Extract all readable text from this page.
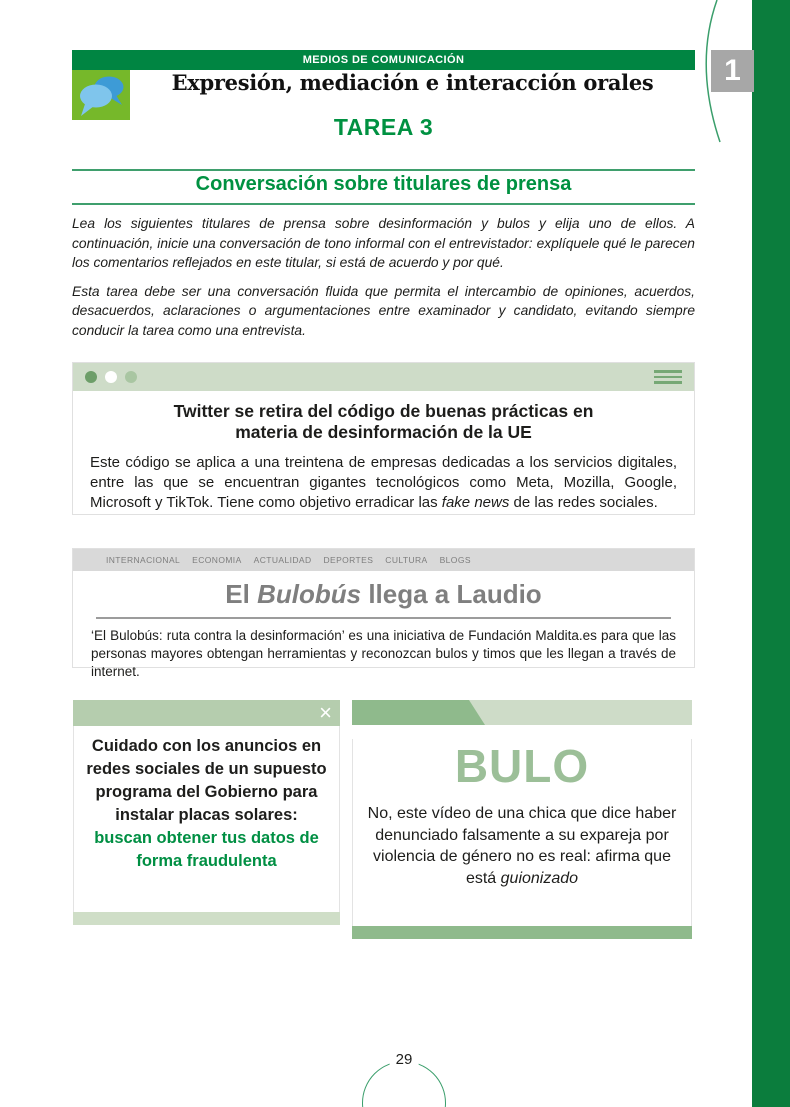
1
MEDIOS DE COMUNICACIÓN
Expresión, mediación e interacción orales
TAREA 3
Conversación sobre titulares de prensa

Lea los siguientes titulares de prensa sobre desinformación y bulos y elija uno de ellos. A continuación, inicie una conversación de tono informal con el entrevistador: explíquele qué le parecen los comentarios reflejados en este titular, si está de acuerdo y por qué.

Esta tarea debe ser una conversación fluida que permita el intercambio de opiniones, acuerdos, desacuerdos, aclaraciones o argumentaciones entre examinador y candidato, evitando siempre conducir la tarea como una entrevista.

Twitter se retira del código de buenas prácticas en materia de desinformación de la UE
Este código se aplica a una treintena de empresas dedicadas a los servicios digitales, entre las que se encuentran gigantes tecnológicos como Meta, Mozilla, Google, Microsoft y TikTok. Tiene como objetivo erradicar las fake news de las redes sociales.
INTERNACIONAL ECONOMIA ACTUALIDAD DEPORTES CULTURA BLOGS
El Bulobús llega a Laudio
‘El Bulobús: ruta contra la desinformación’ es una iniciativa de Fundación Maldita.es para que las personas mayores obtengan herramientas y reconozcan bulos y timos que les llegan a través de internet.
×
Cuidado con los anuncios en redes sociales de un supuesto programa del Gobierno para instalar placas solares: buscan obtener tus datos de forma fraudulenta
BULO
No, este vídeo de una chica que dice haber denunciado falsamente a su expareja por violencia de género no es real: afirma que está guionizado
29
